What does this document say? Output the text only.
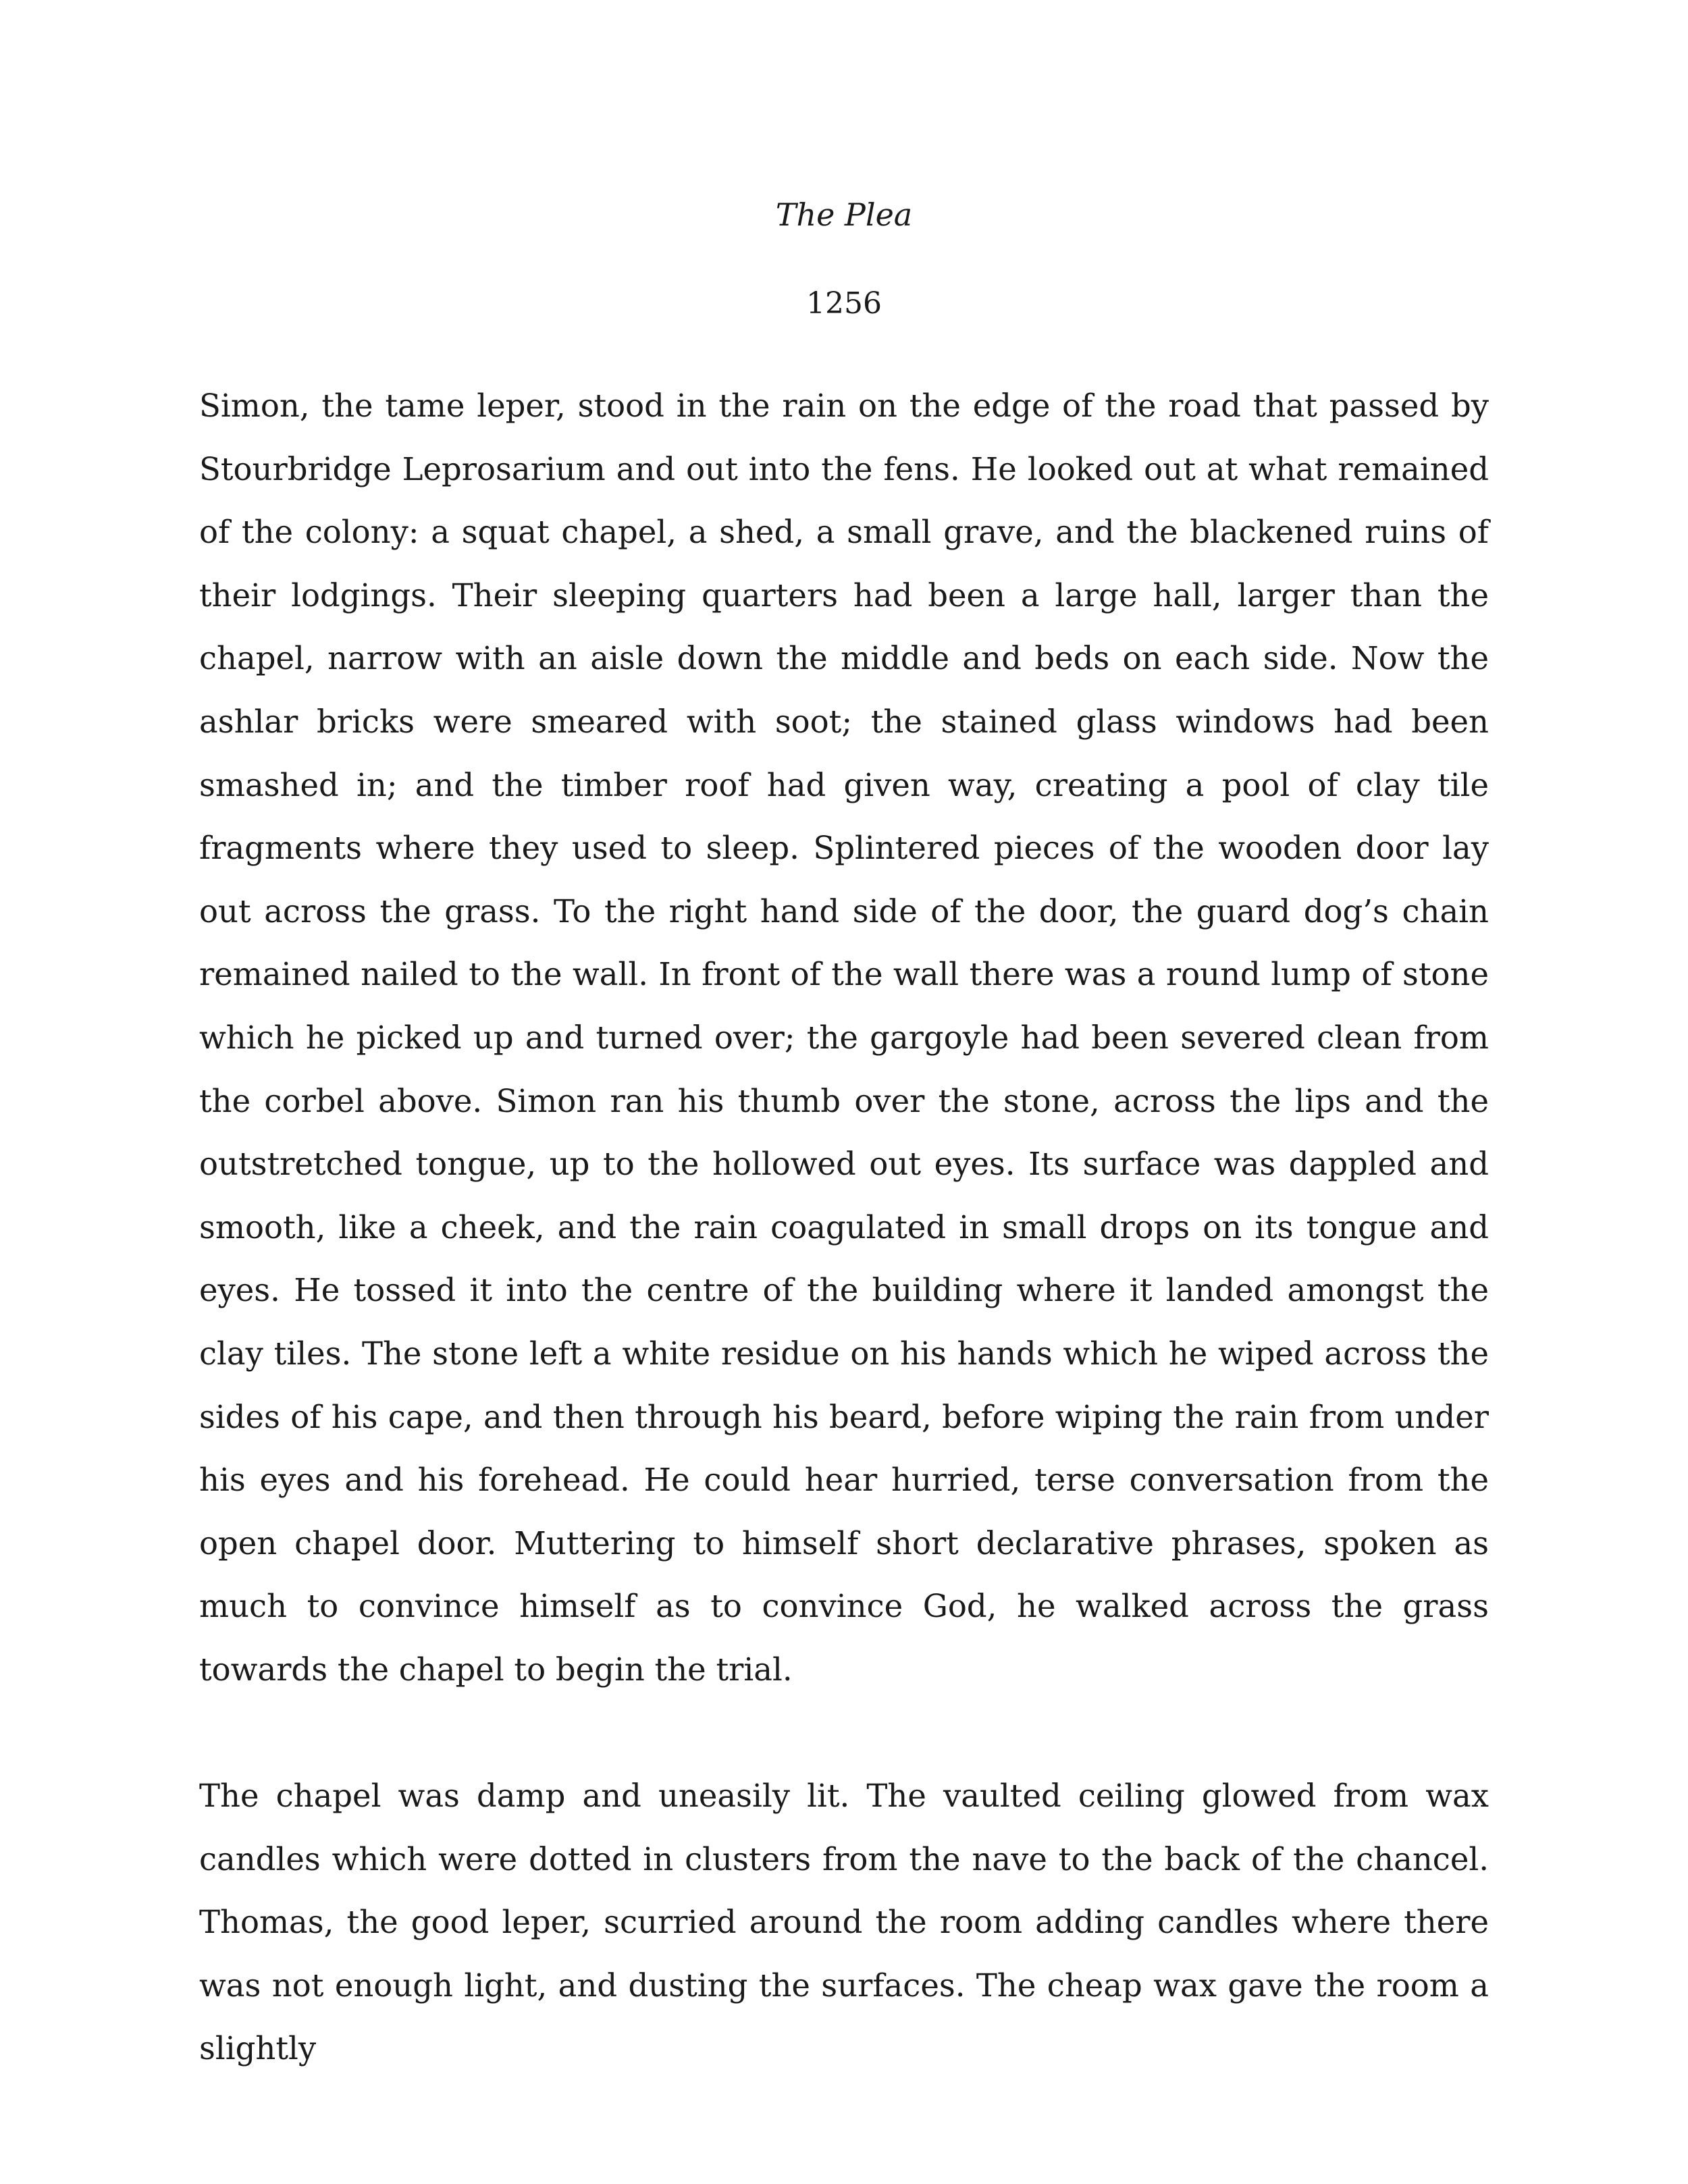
The Plea
1256

Simon, the tame leper, stood in the rain on the edge of the road that passed by Stourbridge Leprosarium and out into the fens. He looked out at what remained of the colony: a squat chapel, a shed, a small grave, and the blackened ruins of their lodgings. Their sleeping quarters had been a large hall, larger than the chapel, narrow with an aisle down the middle and beds on each side. Now the ashlar bricks were smeared with soot; the stained glass windows had been smashed in; and the timber roof had given way, creating a pool of clay tile fragments where they used to sleep. Splintered pieces of the wooden door lay out across the grass. To the right hand side of the door, the guard dog’s chain remained nailed to the wall. In front of the wall there was a round lump of stone which he picked up and turned over; the gargoyle had been severed clean from the corbel above. Simon ran his thumb over the stone, across the lips and the outstretched tongue, up to the hollowed out eyes. Its surface was dappled and smooth, like a cheek, and the rain coagulated in small drops on its tongue and eyes. He tossed it into the centre of the building where it landed amongst the clay tiles. The stone left a white residue on his hands which he wiped across the sides of his cape, and then through his beard, before wiping the rain from under his eyes and his forehead. He could hear hurried, terse conversation from the open chapel door. Muttering to himself short declarative phrases, spoken as much to convince himself as to convince God, he walked across the grass towards the chapel to begin the trial.

The chapel was damp and uneasily lit. The vaulted ceiling glowed from wax candles which were dotted in clusters from the nave to the back of the chancel. Thomas, the good leper, scurried around the room adding candles where there was not enough light, and dusting the surfaces. The cheap wax gave the room a slightly
